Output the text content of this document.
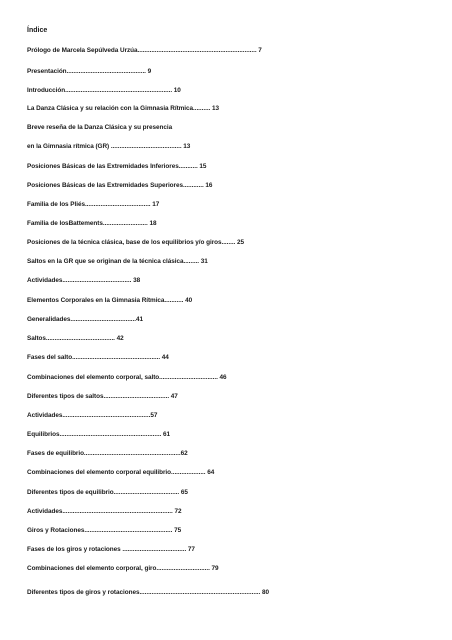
Índice
Prólogo de Marcela Sepúlveda Urzúa..................................................................... 7
Presentación.............................................. 9
Introducción.............................................................. 10
La Danza Clásica y su relación con la Gimnasia Rítmica.......... 13
Breve reseña de la Danza Clásica y su presencia
en la Gimnasia rítmica (GR) ......................................... 13
Posiciones Básicas de las Extremidades Inferiores........... 15
Posiciones Básicas de las Extremidades Superiores............ 16
Familia de los Pliés...................................... 17
Familia de losBattements.......................... 18
Posiciones de la técnica clásica, base de los equilibrios y/o giros........ 25
Saltos en la GR que se originan de la técnica clásica......... 31
Actividades........................................ 38
Elementos Corporales en la Gimnasia Rítmica........... 40
Generalidades......................................41
Saltos........................................ 42
Fases del salto................................................... 44
Combinaciones del elemento corporal, salto.................................. 46
Diferentes tipos de saltos...................................... 47
Actividades...................................................57
Equilibrios........................................................... 61
Fases de equilibrio........................................................62
Combinaciones del elemento corporal equilibrio.................... 64
Diferentes tipos de equilibrio...................................... 65
Actividades................................................................ 72
Giros y Rotaciones................................................... 75
Fases de los giros y rotaciones ..................................... 77
Combinaciones del elemento corporal, giro............................... 79
Diferentes tipos de giros y rotaciones...................................................................... 80
